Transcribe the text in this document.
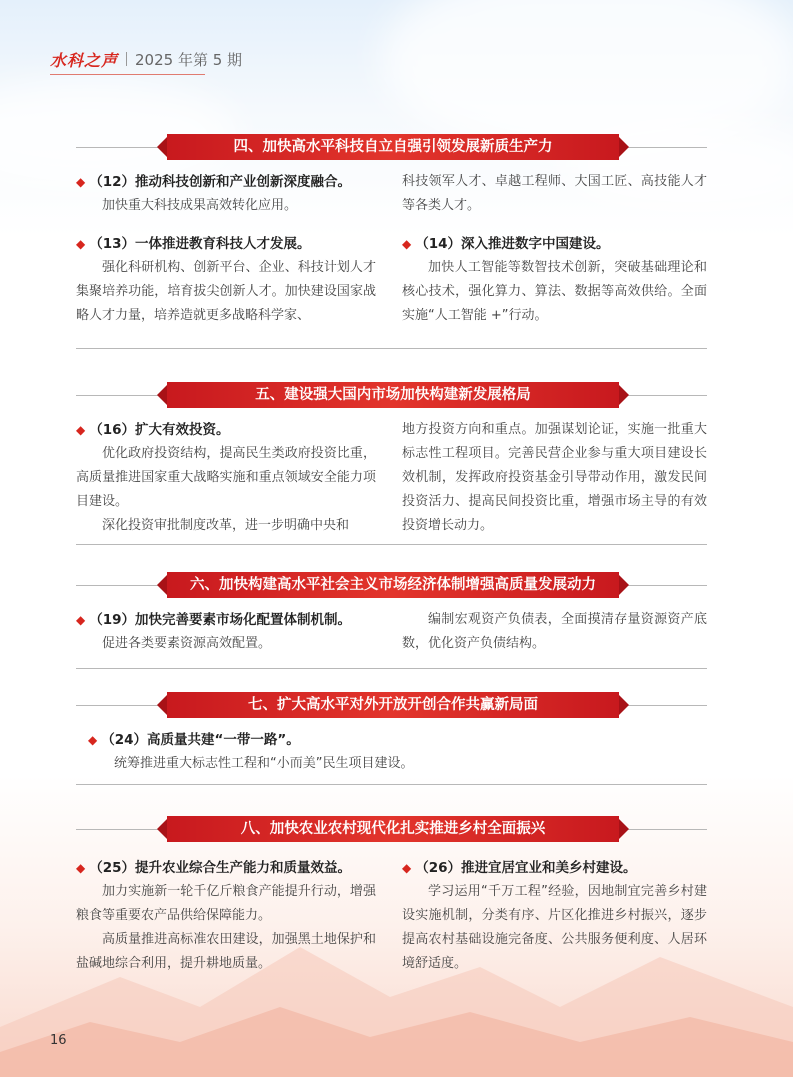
水科之声 2025 年第 5 期
四、加快高水平科技自立自强引领发展新质生产力
◆ （12）推动科技创新和产业创新深度融合。

加快重大科技成果高效转化应用。

◆ （13）一体推进教育科技人才发展。

强化科研机构、创新平台、企业、科技计划人才集聚培养功能，培育拔尖创新人才。加快建设国家战略人才力量，培养造就更多战略科学家、

科技领军人才、卓越工程师、大国工匠、高技能人才等各类人才。

◆ （14）深入推进数字中国建设。

加快人工智能等数智技术创新，突破基础理论和核心技术，强化算力、算法、数据等高效供给。全面实施“人工智能 +”行动。

五、建设强大国内市场加快构建新发展格局
◆ （16）扩大有效投资。

优化政府投资结构，提高民生类政府投资比重，高质量推进国家重大战略实施和重点领域安全能力项目建设。

深化投资审批制度改革，进一步明确中央和

地方投资方向和重点。加强谋划论证，实施一批重大标志性工程项目。完善民营企业参与重大项目建设长效机制，发挥政府投资基金引导带动作用，激发民间投资活力、提高民间投资比重，增强市场主导的有效投资增长动力。

六、加快构建高水平社会主义市场经济体制增强高质量发展动力
◆ （19）加快完善要素市场化配置体制机制。

促进各类要素资源高效配置。

编制宏观资产负债表，全面摸清存量资源资产底数，优化资产负债结构。

七、扩大高水平对外开放开创合作共赢新局面
◆ （24）高质量共建“一带一路”。

统筹推进重大标志性工程和“小而美”民生项目建设。

八、加快农业农村现代化扎实推进乡村全面振兴
◆ （25）提升农业综合生产能力和质量效益。

加力实施新一轮千亿斤粮食产能提升行动，增强粮食等重要农产品供给保障能力。

高质量推进高标准农田建设，加强黑土地保护和盐碱地综合利用，提升耕地质量。

◆ （26）推进宜居宜业和美乡村建设。

学习运用“千万工程”经验，因地制宜完善乡村建设实施机制，分类有序、片区化推进乡村振兴，逐步提高农村基础设施完备度、公共服务便利度、人居环境舒适度。

16
